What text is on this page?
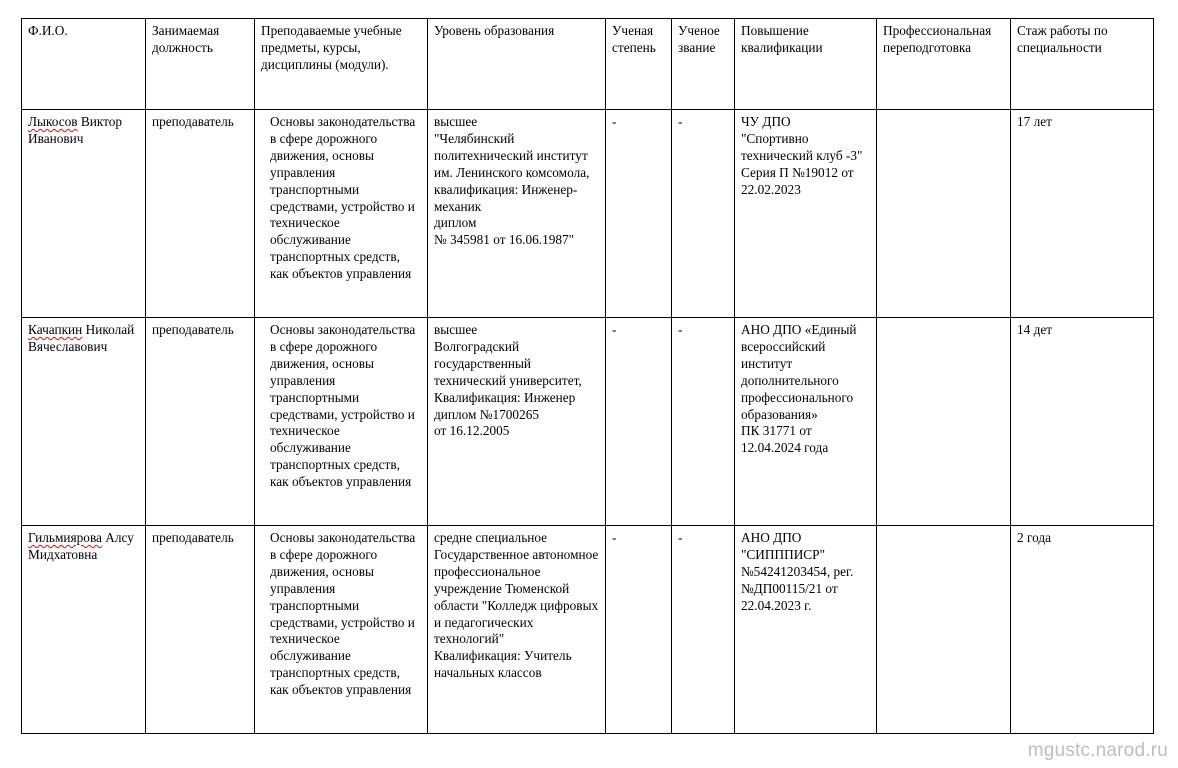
Ф.И.О.	Занимаемая должность	Преподаваемые учебные предметы, курсы, дисциплины (модули).	Уровень образования	Ученая степень	Ученое звание	Повышение квалификации	Профессиональная переподготовка	Стаж работы по специальности
Лыкосов Виктор Иванович	преподаватель	Основы законодательства в сфере дорожного движения, основы управления транспортными средствами, устройство и техническое обслуживание транспортных средств, как объектов управления	высшее
"Челябинский политехнический институт им. Ленинского комсомола,
квалификация: Инженер-механик
диплом
№ 345981 от 16.06.1987"	-	-	ЧУ ДПО
"Спортивно технический клуб -3" Серия П №19012 от 22.02.2023		17 лет
Качапкин Николай Вячеславович	преподаватель	Основы законодательства в сфере дорожного движения, основы управления транспортными средствами, устройство и техническое обслуживание транспортных средств, как объектов управления	высшее
Волгоградский государственный технический университет,
Квалификация: Инженер
диплом №1700265
от 16.12.2005	-	-	АНО ДПО «Единый всероссийский институт дополнительного профессионального образования»
ПК 31771 от
12.04.2024 года		14 дет
Гильмиярова Алсу Мидхатовна	преподаватель	Основы законодательства в сфере дорожного движения, основы управления транспортными средствами, устройство и техническое обслуживание транспортных средств, как объектов управления	средне специальное
Государственное автономное профессиональное учреждение Тюменской области "Колледж цифровых и педагогических технологий"
Квалификация: Учитель начальных классов	-	-	АНО ДПО "СИПППИСР" №54241203454, рег. №ДП00115/21 от 22.04.2023 г.		2 года
mgustc.narod.ru
